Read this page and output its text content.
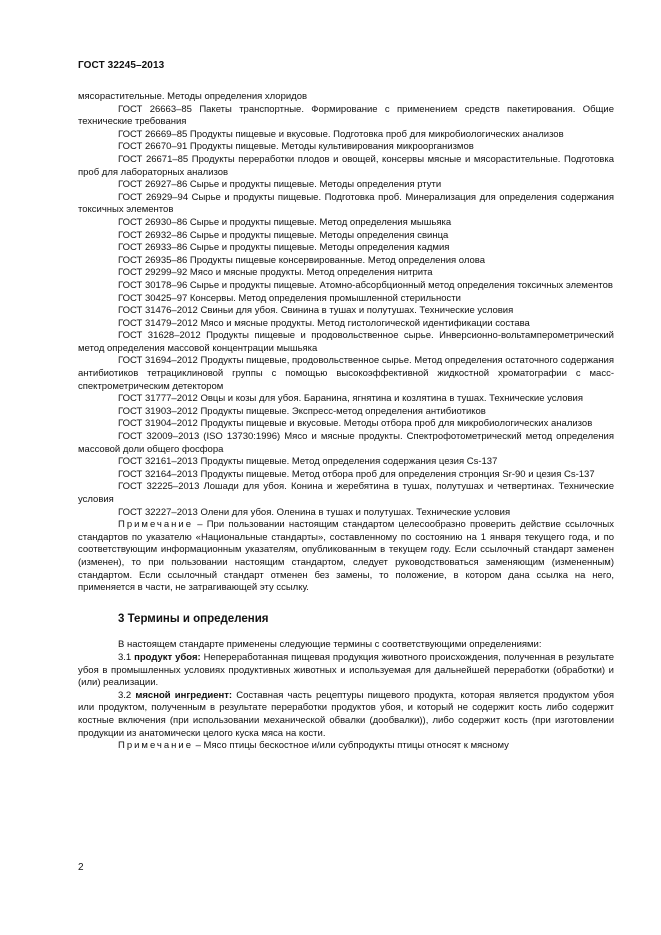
ГОСТ 32245–2013

мясорастительные. Методы определения хлоридов

ГОСТ 26663–85 Пакеты транспортные. Формирование с применением средств пакетирования. Общие технические требования

ГОСТ 26669–85 Продукты пищевые и вкусовые. Подготовка проб для микробиологических анализов

ГОСТ 26670–91 Продукты пищевые. Методы культивирования микроорганизмов

ГОСТ 26671–85 Продукты переработки плодов и овощей, консервы мясные и мясорастительные. Подготовка проб для лабораторных анализов

ГОСТ 26927–86 Сырье и продукты пищевые. Методы определения ртути

ГОСТ 26929–94 Сырье и продукты пищевые. Подготовка проб. Минерализация для определения содержания токсичных элементов

ГОСТ 26930–86 Сырье и продукты пищевые. Метод определения мышьяка

ГОСТ 26932–86 Сырье и продукты пищевые. Методы определения свинца

ГОСТ 26933–86 Сырье и продукты пищевые. Методы определения кадмия

ГОСТ 26935–86 Продукты пищевые консервированные. Метод определения олова

ГОСТ 29299–92 Мясо и мясные продукты. Метод определения нитрита

ГОСТ 30178–96 Сырье и продукты пищевые. Атомно-абсорбционный метод определения токсичных элементов

ГОСТ 30425–97 Консервы. Метод определения промышленной стерильности

ГОСТ 31476–2012 Свиньи для убоя. Свинина в тушах и полутушах. Технические условия

ГОСТ 31479–2012 Мясо и мясные продукты. Метод гистологической идентификации состава

ГОСТ 31628–2012 Продукты пищевые и продовольственное сырье. Инверсионно-вольтамперометрический метод определения массовой концентрации мышьяка

ГОСТ 31694–2012 Продукты пищевые, продовольственное сырье. Метод определения остаточного содержания антибиотиков тетрациклиновой группы с помощью высокоэффективной жидкостной хроматографии с масс-спектрометрическим детектором

ГОСТ 31777–2012 Овцы и козы для убоя. Баранина, ягнятина и козлятина в тушах. Технические условия

ГОСТ 31903–2012 Продукты пищевые. Экспресс-метод определения антибиотиков

ГОСТ 31904–2012 Продукты пищевые и вкусовые. Методы отбора проб для микробиологических анализов

ГОСТ 32009–2013 (ISO 13730:1996) Мясо и мясные продукты. Спектрофотометрический метод определения массовой доли общего фосфора

ГОСТ 32161–2013 Продукты пищевые. Метод определения содержания цезия Cs-137

ГОСТ 32164–2013 Продукты пищевые. Метод отбора проб для определения стронция Sr-90 и цезия Cs-137

ГОСТ 32225–2013 Лошади для убоя. Конина и жеребятина в тушах, полутушах и четвертинах. Технические условия

ГОСТ 32227–2013 Олени для убоя. Оленина в тушах и полутушах. Технические условия

Примечание – При пользовании настоящим стандартом целесообразно проверить действие ссылочных стандартов по указателю «Национальные стандарты», составленному по состоянию на 1 января текущего года, и по соответствующим информационным указателям, опубликованным в текущем году. Если ссылочный стандарт заменен (изменен), то при пользовании настоящим стандартом, следует руководствоваться заменяющим (измененным) стандартом. Если ссылочный стандарт отменен без замены, то положение, в котором дана ссылка на него, применяется в части, не затрагивающей эту ссылку.

3 Термины и определения

В настоящем стандарте применены следующие термины с соответствующими определениями:

3.1 продукт убоя: Непереработанная пищевая продукция животного происхождения, полученная в результате убоя в промышленных условиях продуктивных животных и используемая для дальнейшей переработки (обработки) и (или) реализации.

3.2 мясной ингредиент: Составная часть рецептуры пищевого продукта, которая является продуктом убоя или продуктом, полученным в результате переработки продуктов убоя, и который не содержит кость либо содержит костные включения (при использовании механической обвалки (дообвалки)), либо содержит кость (при изготовлении продукции из анатомически целого куска мяса на кости.

Примечание – Мясо птицы бескостное и/или субпродукты птицы относят к мясному

2
